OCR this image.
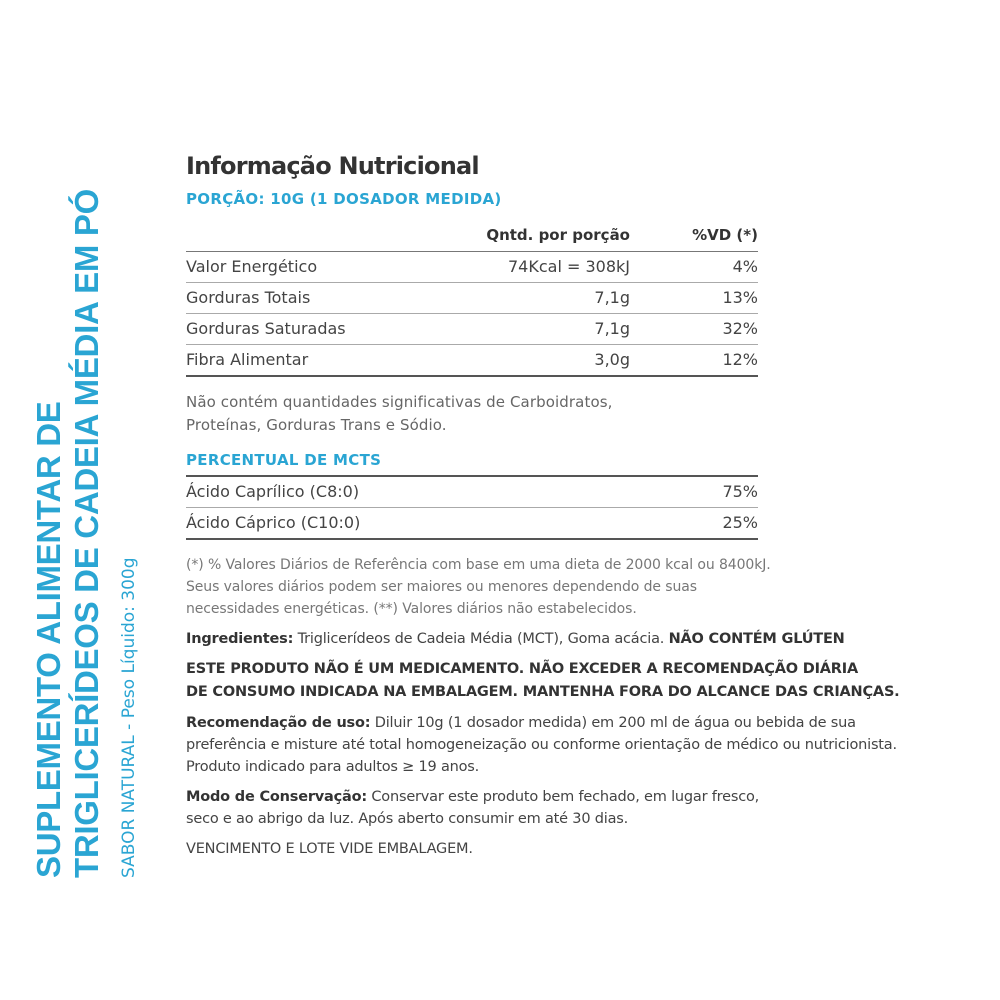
SUPLEMENTO ALIMENTAR DE TRIGLICERÍDEOS DE CADEIA MÉDIA EM PÓ SABOR NATURAL - Peso Líquido: 300g
Informação Nutricional
PORÇÃO: 10G (1 DOSADOR MEDIDA)
	Qntd. por porção	%VD (*)
Valor Energético	74Kcal = 308kJ	4%
Gorduras Totais	7,1g	13%
Gorduras Saturadas	7,1g	32%
Fibra Alimentar	3,0g	12%
Não contém quantidades significativas de Carboidratos,
Proteínas, Gorduras Trans e Sódio.
PERCENTUAL DE MCTS
Ácido Caprílico (C8:0)	75%
Ácido Cáprico (C10:0)	25%
(*) % Valores Diários de Referência com base em uma dieta de 2000 kcal ou 8400kJ.
Seus valores diários podem ser maiores ou menores dependendo de suas
necessidades energéticas. (**) Valores diários não estabelecidos.
Ingredientes: Triglicerídeos de Cadeia Média (MCT), Goma acácia. NÃO CONTÉM GLÚTEN
ESTE PRODUTO NÃO É UM MEDICAMENTO. NÃO EXCEDER A RECOMENDAÇÃO DIÁRIA
DE CONSUMO INDICADA NA EMBALAGEM. MANTENHA FORA DO ALCANCE DAS CRIANÇAS.
Recomendação de uso: Diluir 10g (1 dosador medida) em 200 ml de água ou bebida de sua
preferência e misture até total homogeneização ou conforme orientação de médico ou nutricionista.
Produto indicado para adultos ≥ 19 anos.
Modo de Conservação: Conservar este produto bem fechado, em lugar fresco,
seco e ao abrigo da luz. Após aberto consumir em até 30 dias.
VENCIMENTO E LOTE VIDE EMBALAGEM.
